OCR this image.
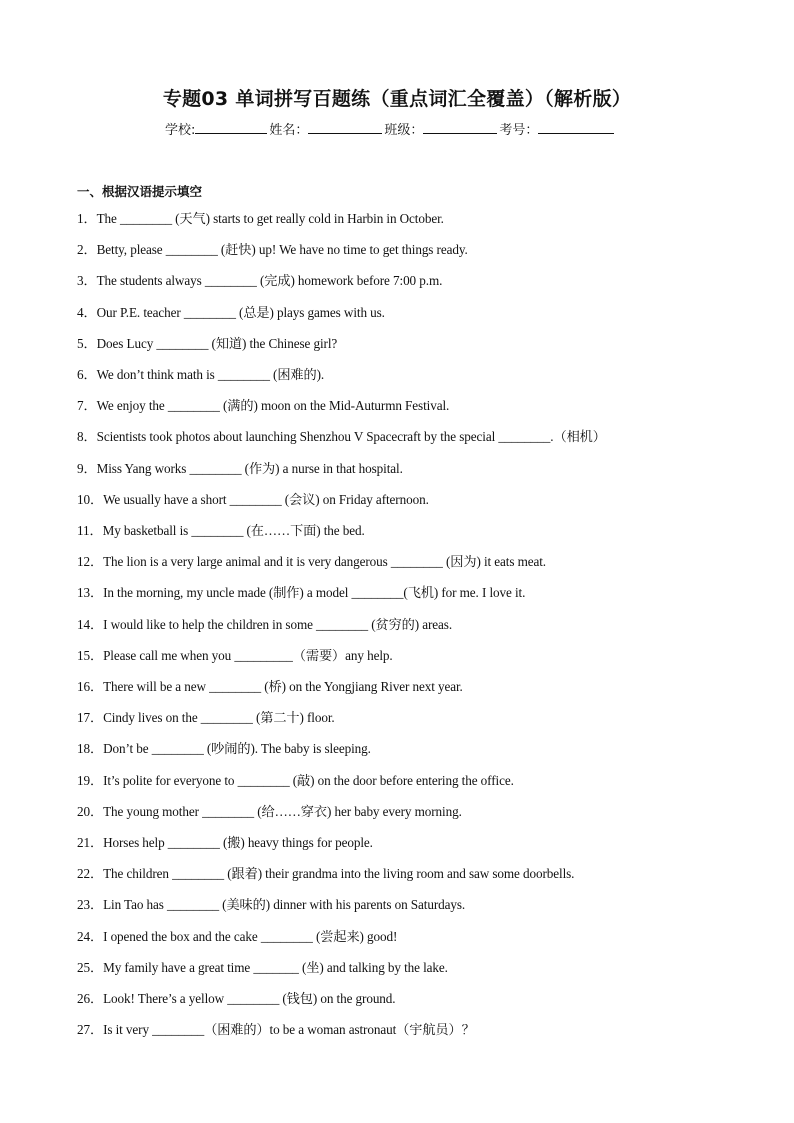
专题03 单词拼写百题练（重点词汇全覆盖）（解析版）
学校:	姓名：	班级：	考号：
一、根据汉语提示填空
1．The ________ (天气) starts to get really cold in Harbin in October.
2．Betty, please ________ (赶快) up! We have no time to get things ready.
3．The students always ________ (完成) homework before 7:00 p.m.
4．Our P.E. teacher ________ (总是) plays games with us.
5．Does Lucy ________ (知道) the Chinese girl?
6．We don’t think math is ________ (困难的).
7．We enjoy the ________ (满的) moon on the Mid-Auturmn Festival.
8．Scientists took photos about launching Shenzhou V Spacecraft by the special ________.（相机）
9．Miss Yang works ________ (作为) a nurse in that hospital.
10．We usually have a short ________ (会议) on Friday afternoon.
11．My basketball is ________ (在……下面) the bed.
12．The lion is a very large animal and it is very dangerous ________ (因为) it eats meat.
13．In the morning, my uncle made (制作) a model ________(飞机) for me. I love it.
14．I would like to help the children in some ________ (贫穷的) areas.
15．Please call me when you _________（需要）any help.
16．There will be a new ________ (桥) on the Yongjiang River next year.
17．Cindy lives on the ________ (第二十) floor.
18．Don’t be ________ (吵闹的). The baby is sleeping.
19．It’s polite for everyone to ________ (敲) on the door before entering the office.
20．The young mother ________ (给……穿衣) her baby every morning.
21．Horses help ________ (搬) heavy things for people.
22．The children ________ (跟着) their grandma into the living room and saw some doorbells.
23．Lin Tao has ________ (美味的) dinner with his parents on Saturdays.
24．I opened the box and the cake ________ (尝起来) good!
25．My family have a great time _______ (坐) and talking by the lake.
26．Look! There’s a yellow ________ (钱包) on the ground.
27．Is it very ________（困难的）to be a woman astronaut（宇航员）？
